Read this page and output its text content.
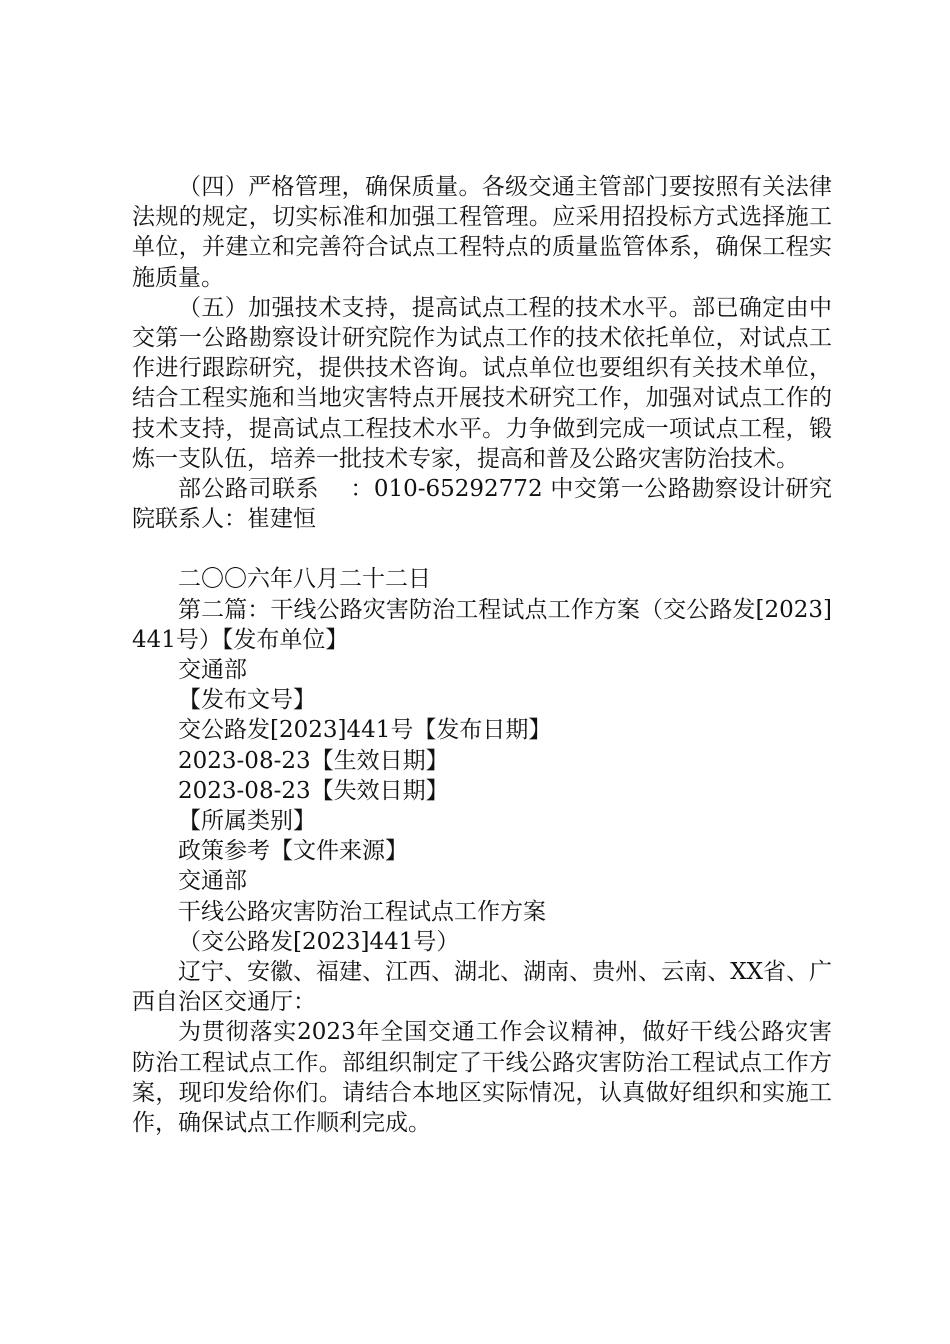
（四）严格管理，确保质量。各级交通主管部门要按照有关法律法规的规定，切实标准和加强工程管理。应采用招投标方式选择施工单位，并建立和完善符合试点工程特点的质量监管体系，确保工程实施质量。

（五）加强技术支持，提高试点工程的技术水平。部已确定由中交第一公路勘察设计研究院作为试点工作的技术依托单位，对试点工作进行跟踪研究，提供技术咨询。试点单位也要组织有关技术单位，结合工程实施和当地灾害特点开展技术研究工作，加强对试点工作的技术支持，提高试点工程技术水平。力争做到完成一项试点工程，锻炼一支队伍，培养一批技术专家，提高和普及公路灾害防治技术。

部公路司联系    ：010-65292772 中交第一公路勘察设计研究院联系人：崔建恒

二〇〇六年八月二十二日

第二篇：干线公路灾害防治工程试点工作方案（交公路发[2023]441号）【发布单位】

交通部

【发布文号】

交公路发[2023]441号【发布日期】

2023-08-23【生效日期】

2023-08-23【失效日期】

【所属类别】

政策参考【文件来源】

交通部

干线公路灾害防治工程试点工作方案

（交公路发[2023]441号）

辽宁、安徽、福建、江西、湖北、湖南、贵州、云南、XX省、广西自治区交通厅：

为贯彻落实2023年全国交通工作会议精神，做好干线公路灾害防治工程试点工作。部组织制定了干线公路灾害防治工程试点工作方案，现印发给你们。请结合本地区实际情况，认真做好组织和实施工作，确保试点工作顺利完成。
